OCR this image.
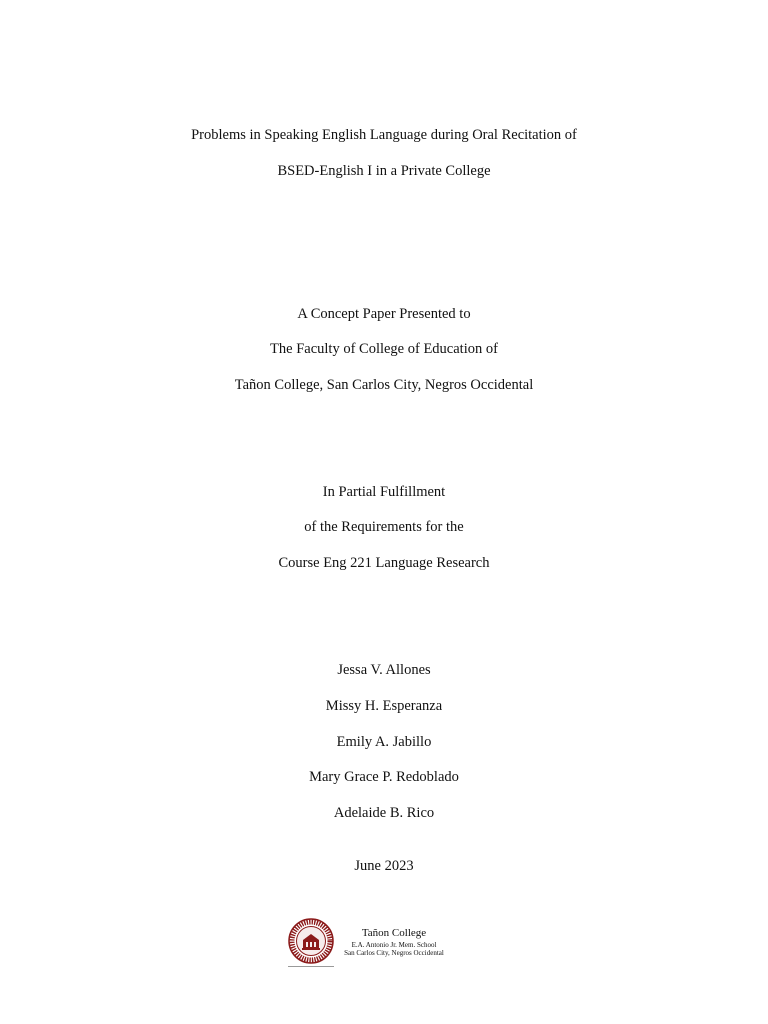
Problems in Speaking English Language during Oral Recitation of
BSED-English I in a Private College
A Concept Paper Presented to
The Faculty of College of Education of
Tañon College, San Carlos City, Negros Occidental
In Partial Fulfillment
of the Requirements for the
Course Eng 221 Language Research
Jessa V. Allones
Missy H. Esperanza
Emily A. Jabillo
Mary Grace P. Redoblado
Adelaide B. Rico
June 2023
Tañon College
E.A. Antonio Jr. Mem. School
San Carlos City, Negros Occidental
